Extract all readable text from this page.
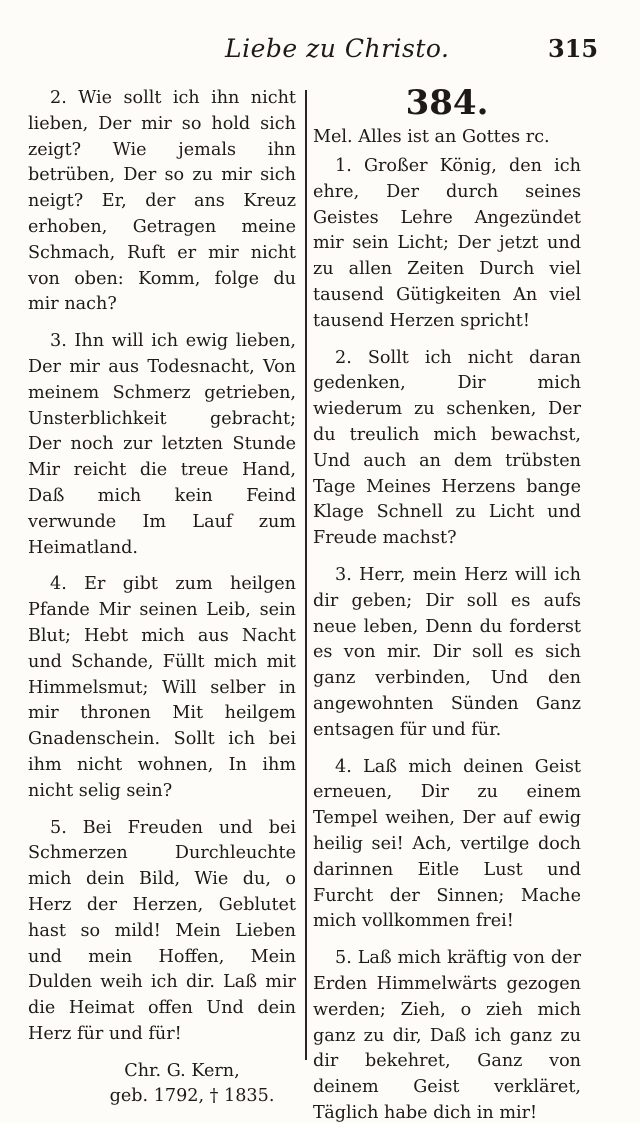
Liebe zu Christo.	315

2. Wie sollt ich ihn nicht lieben, Der mir so hold sich zeigt? Wie jemals ihn betrüben, Der so zu mir sich neigt? Er, der ans Kreuz erhoben, Getragen meine Schmach, Ruft er mir nicht von oben: Komm, folge du mir nach?

3. Ihn will ich ewig lieben, Der mir aus Todesnacht, Von meinem Schmerz getrieben, Unsterblichkeit gebracht; Der noch zur letzten Stunde Mir reicht die treue Hand, Daß mich kein Feind verwunde Im Lauf zum Heimatland.

4. Er gibt zum heilgen Pfande Mir seinen Leib, sein Blut; Hebt mich aus Nacht und Schande, Füllt mich mit Himmelsmut; Will selber in mir thronen Mit heilgem Gnadenschein. Sollt ich bei ihm nicht wohnen, In ihm nicht selig sein?

5. Bei Freuden und bei Schmerzen Durchleuchte mich dein Bild, Wie du, o Herz der Herzen, Geblutet hast so mild! Mein Lieben und mein Hoffen, Mein Dulden weih ich dir. Laß mir die Heimat offen Und dein Herz für und für!

Chr. G. Kern,
geb. 1792, † 1835.
384.
Mel. Alles ist an Gottes rc.

1. Großer König, den ich ehre, Der durch seines Geistes Lehre Angezündet mir sein Licht; Der jetzt und zu allen Zeiten Durch viel tausend Gütigkeiten An viel tausend Herzen spricht!

2. Sollt ich nicht daran gedenken, Dir mich wiederum zu schenken, Der du treulich mich bewachst, Und auch an dem trübsten Tage Meines Herzens bange Klage Schnell zu Licht und Freude machst?

3. Herr, mein Herz will ich dir geben; Dir soll es aufs neue leben, Denn du forderst es von mir. Dir soll es sich ganz verbinden, Und den angewohnten Sünden Ganz entsagen für und für.

4. Laß mich deinen Geist erneuen, Dir zu einem Tempel weihen, Der auf ewig heilig sei! Ach, vertilge doch darinnen Eitle Lust und Furcht der Sinnen; Mache mich vollkommen frei!

5. Laß mich kräftig von der Erden Himmelwärts gezogen werden; Zieh, o zieh mich ganz zu dir, Daß ich ganz zu dir bekehret, Ganz von deinem Geist verkläret, Täglich habe dich in mir!
